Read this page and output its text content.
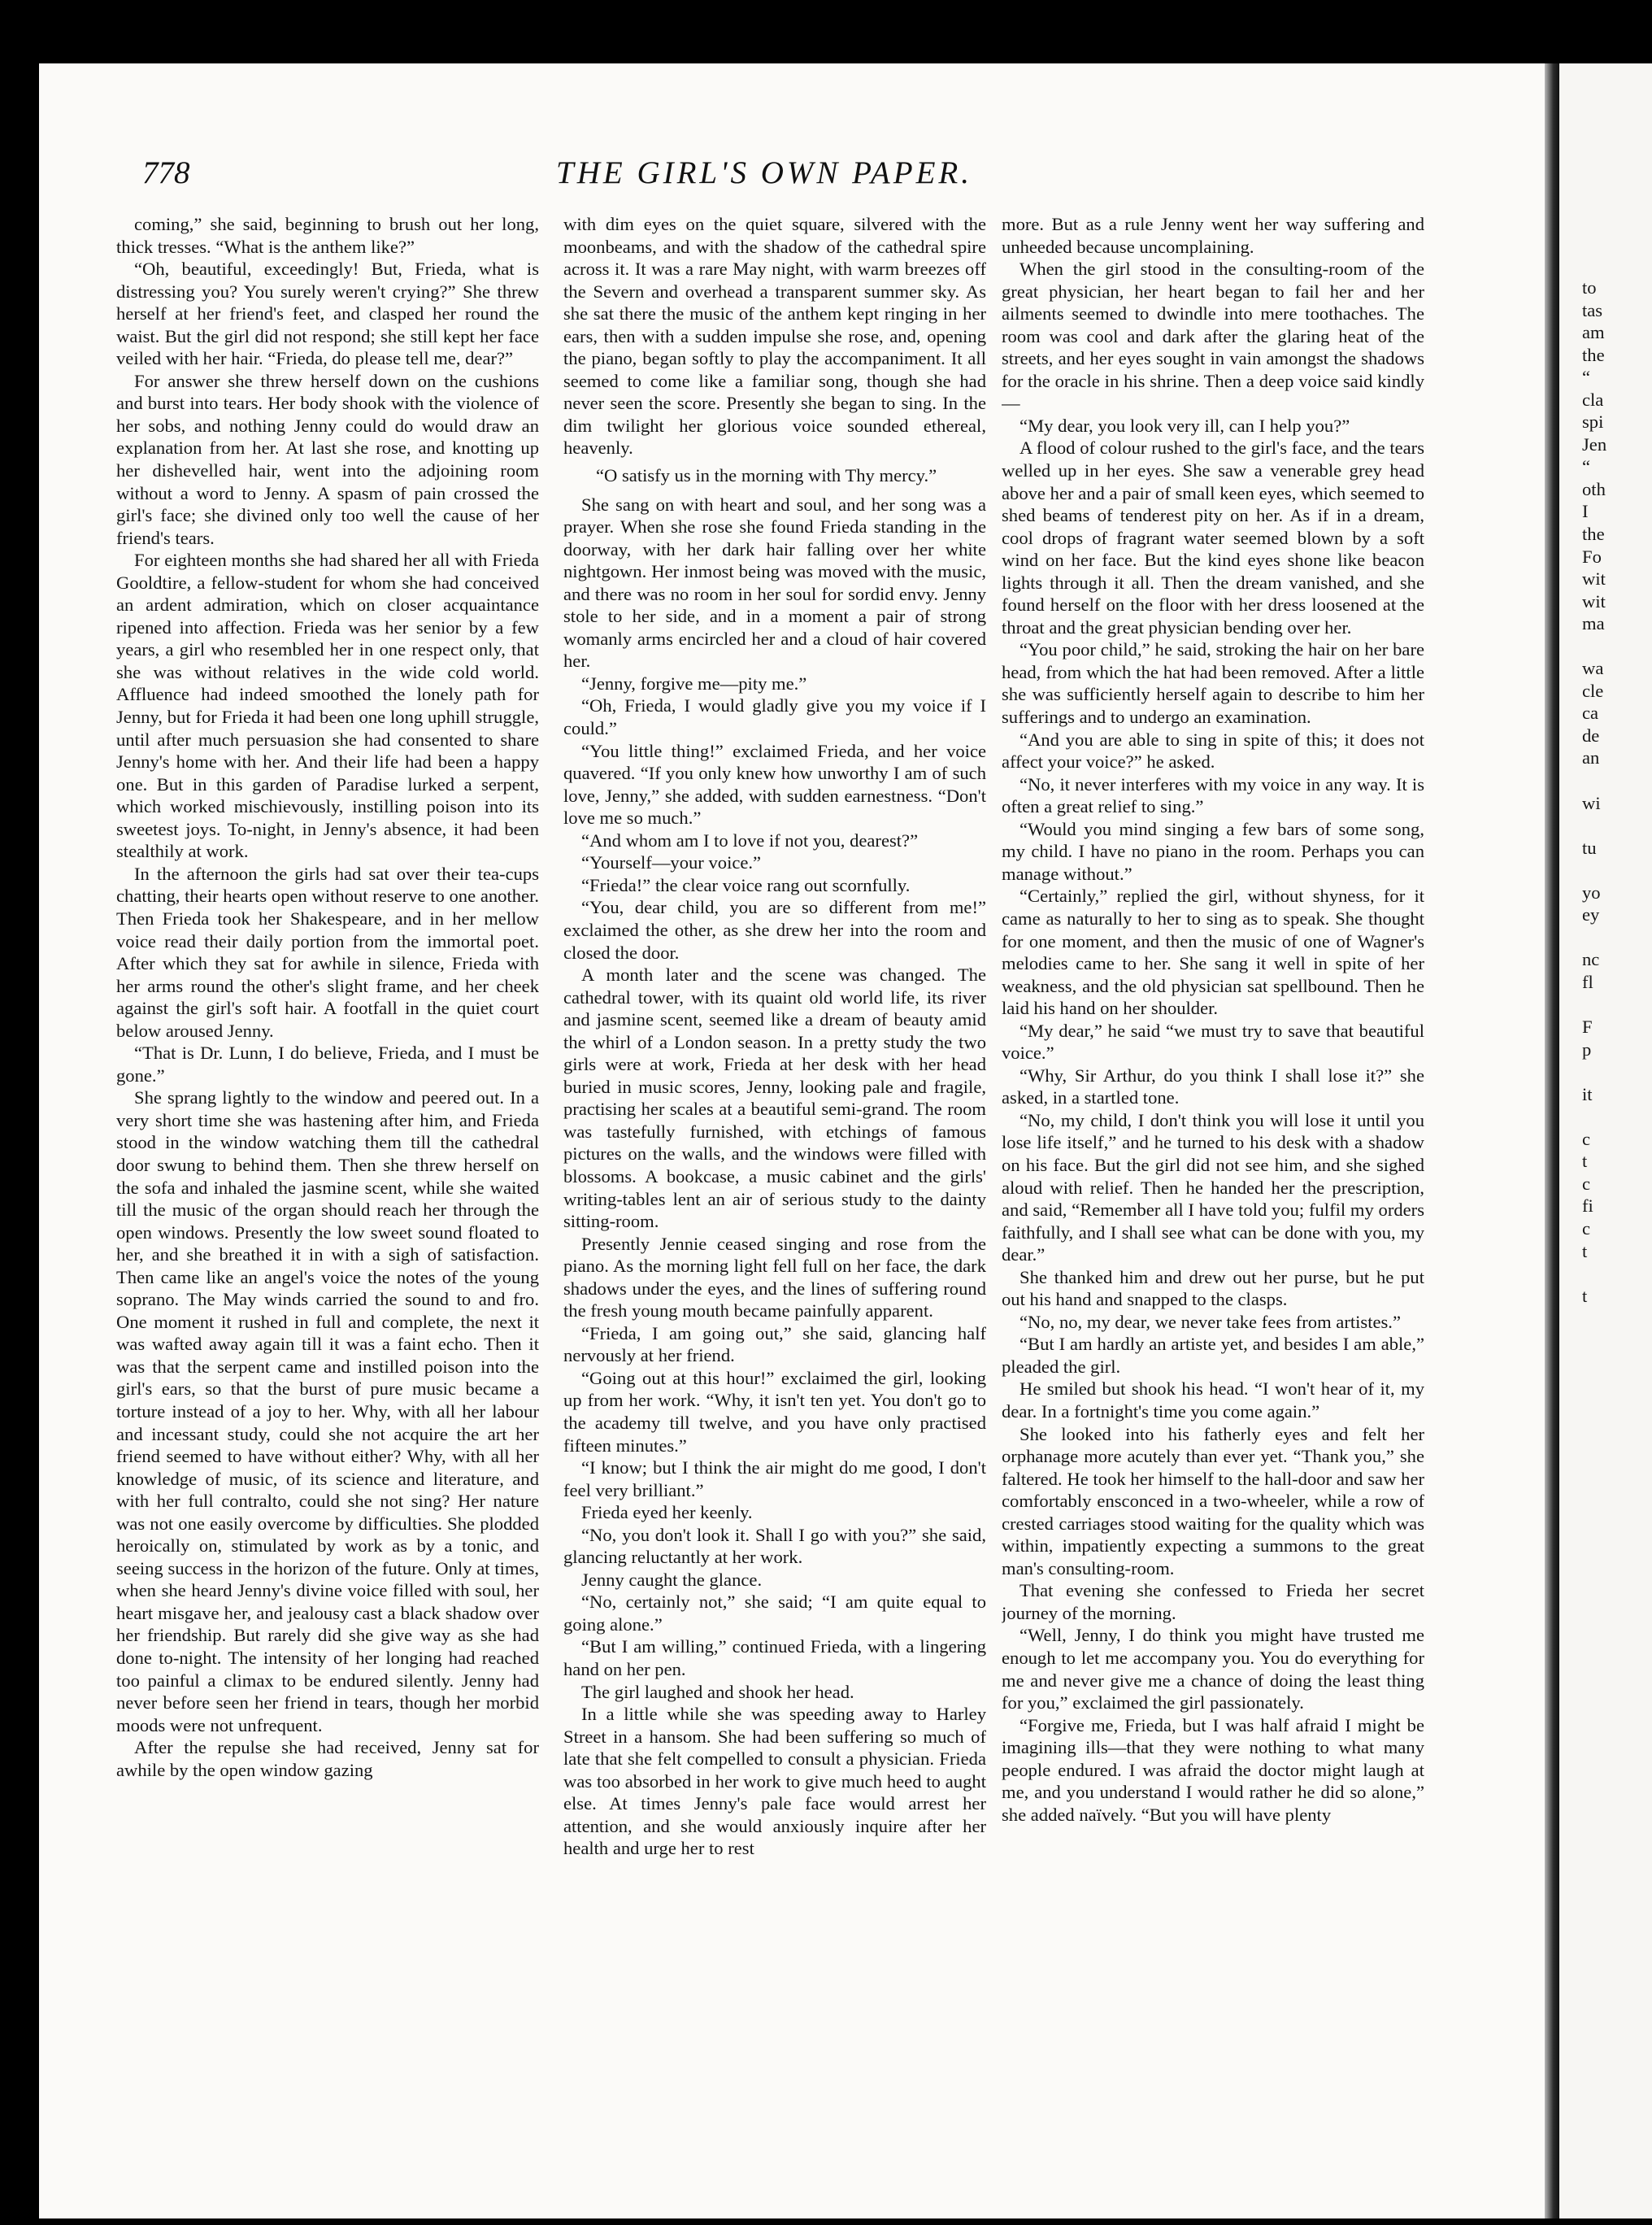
to
tas
am
the
“
cla
spi
Jen
“
oth
I
the
Fo
wit
wit
ma
wa
cle
ca
de
an
wi
tu
yo
ey
nc
fl
F
p
it
c
t
c
fi
c
t
t
778	THE GIRL'S OWN PAPER.

coming,” she said, beginning to brush out her long, thick tresses. “What is the anthem like?”

“Oh, beautiful, exceedingly! But, Frieda, what is distressing you? You surely weren't crying?” She threw herself at her friend's feet, and clasped her round the waist. But the girl did not respond; she still kept her face veiled with her hair. “Frieda, do please tell me, dear?”

For answer she threw herself down on the cushions and burst into tears. Her body shook with the violence of her sobs, and nothing Jenny could do would draw an explanation from her. At last she rose, and knotting up her dishevelled hair, went into the adjoining room without a word to Jenny. A spasm of pain crossed the girl's face; she divined only too well the cause of her friend's tears.

For eighteen months she had shared her all with Frieda Gooldtire, a fellow-student for whom she had conceived an ardent admiration, which on closer acquaintance ripened into affection. Frieda was her senior by a few years, a girl who resembled her in one respect only, that she was without relatives in the wide cold world. Affluence had indeed smoothed the lonely path for Jenny, but for Frieda it had been one long uphill struggle, until after much persuasion she had consented to share Jenny's home with her. And their life had been a happy one. But in this garden of Paradise lurked a serpent, which worked mischievously, instilling poison into its sweetest joys. To-night, in Jenny's absence, it had been stealthily at work.

In the afternoon the girls had sat over their tea-cups chatting, their hearts open without reserve to one another. Then Frieda took her Shakespeare, and in her mellow voice read their daily portion from the immortal poet. After which they sat for awhile in silence, Frieda with her arms round the other's slight frame, and her cheek against the girl's soft hair. A footfall in the quiet court below aroused Jenny.

“That is Dr. Lunn, I do believe, Frieda, and I must be gone.”

She sprang lightly to the window and peered out. In a very short time she was hastening after him, and Frieda stood in the window watching them till the cathedral door swung to behind them. Then she threw herself on the sofa and inhaled the jasmine scent, while she waited till the music of the organ should reach her through the open windows. Presently the low sweet sound floated to her, and she breathed it in with a sigh of satisfaction. Then came like an angel's voice the notes of the young soprano. The May winds carried the sound to and fro. One moment it rushed in full and complete, the next it was wafted away again till it was a faint echo. Then it was that the serpent came and instilled poison into the girl's ears, so that the burst of pure music became a torture instead of a joy to her. Why, with all her labour and incessant study, could she not acquire the art her friend seemed to have without either? Why, with all her knowledge of music, of its science and literature, and with her full contralto, could she not sing? Her nature was not one easily overcome by difficulties. She plodded heroically on, stimulated by work as by a tonic, and seeing success in the horizon of the future. Only at times, when she heard Jenny's divine voice filled with soul, her heart misgave her, and jealousy cast a black shadow over her friendship. But rarely did she give way as she had done to-night. The intensity of her longing had reached too painful a climax to be endured silently. Jenny had never before seen her friend in tears, though her morbid moods were not unfrequent.

After the repulse she had received, Jenny sat for awhile by the open window gazing

with dim eyes on the quiet square, silvered with the moonbeams, and with the shadow of the cathedral spire across it. It was a rare May night, with warm breezes off the Severn and overhead a transparent summer sky. As she sat there the music of the anthem kept ringing in her ears, then with a sudden impulse she rose, and, opening the piano, began softly to play the accompaniment. It all seemed to come like a familiar song, though she had never seen the score. Presently she began to sing. In the dim twilight her glorious voice sounded ethereal, heavenly.

“O satisfy us in the morning with Thy mercy.”

She sang on with heart and soul, and her song was a prayer. When she rose she found Frieda standing in the doorway, with her dark hair falling over her white nightgown. Her inmost being was moved with the music, and there was no room in her soul for sordid envy. Jenny stole to her side, and in a moment a pair of strong womanly arms encircled her and a cloud of hair covered her.

“Jenny, forgive me—pity me.”

“Oh, Frieda, I would gladly give you my voice if I could.”

“You little thing!” exclaimed Frieda, and her voice quavered. “If you only knew how unworthy I am of such love, Jenny,” she added, with sudden earnestness. “Don't love me so much.”

“And whom am I to love if not you, dearest?”

“Yourself—your voice.”

“Frieda!” the clear voice rang out scornfully.

“You, dear child, you are so different from me!” exclaimed the other, as she drew her into the room and closed the door.

A month later and the scene was changed. The cathedral tower, with its quaint old world life, its river and jasmine scent, seemed like a dream of beauty amid the whirl of a London season. In a pretty study the two girls were at work, Frieda at her desk with her head buried in music scores, Jenny, looking pale and fragile, practising her scales at a beautiful semi-grand. The room was tastefully furnished, with etchings of famous pictures on the walls, and the windows were filled with blossoms. A bookcase, a music cabinet and the girls' writing-tables lent an air of serious study to the dainty sitting-room.

Presently Jennie ceased singing and rose from the piano. As the morning light fell full on her face, the dark shadows under the eyes, and the lines of suffering round the fresh young mouth became painfully apparent.

“Frieda, I am going out,” she said, glancing half nervously at her friend.

“Going out at this hour!” exclaimed the girl, looking up from her work. “Why, it isn't ten yet. You don't go to the academy till twelve, and you have only practised fifteen minutes.”

“I know; but I think the air might do me good, I don't feel very brilliant.”

Frieda eyed her keenly.

“No, you don't look it. Shall I go with you?” she said, glancing reluctantly at her work.

Jenny caught the glance.

“No, certainly not,” she said; “I am quite equal to going alone.”

“But I am willing,” continued Frieda, with a lingering hand on her pen.

The girl laughed and shook her head.

In a little while she was speeding away to Harley Street in a hansom. She had been suffering so much of late that she felt compelled to consult a physician. Frieda was too absorbed in her work to give much heed to aught else. At times Jenny's pale face would arrest her attention, and she would anxiously inquire after her health and urge her to rest

more. But as a rule Jenny went her way suffering and unheeded because uncomplaining.

When the girl stood in the consulting-room of the great physician, her heart began to fail her and her ailments seemed to dwindle into mere toothaches. The room was cool and dark after the glaring heat of the streets, and her eyes sought in vain amongst the shadows for the oracle in his shrine. Then a deep voice said kindly—

“My dear, you look very ill, can I help you?”

A flood of colour rushed to the girl's face, and the tears welled up in her eyes. She saw a venerable grey head above her and a pair of small keen eyes, which seemed to shed beams of tenderest pity on her. As if in a dream, cool drops of fragrant water seemed blown by a soft wind on her face. But the kind eyes shone like beacon lights through it all. Then the dream vanished, and she found herself on the floor with her dress loosened at the throat and the great physician bending over her.

“You poor child,” he said, stroking the hair on her bare head, from which the hat had been removed. After a little she was sufficiently herself again to describe to him her sufferings and to undergo an examination.

“And you are able to sing in spite of this; it does not affect your voice?” he asked.

“No, it never interferes with my voice in any way. It is often a great relief to sing.”

“Would you mind singing a few bars of some song, my child. I have no piano in the room. Perhaps you can manage without.”

“Certainly,” replied the girl, without shyness, for it came as naturally to her to sing as to speak. She thought for one moment, and then the music of one of Wagner's melodies came to her. She sang it well in spite of her weakness, and the old physician sat spellbound. Then he laid his hand on her shoulder.

“My dear,” he said “we must try to save that beautiful voice.”

“Why, Sir Arthur, do you think I shall lose it?” she asked, in a startled tone.

“No, my child, I don't think you will lose it until you lose life itself,” and he turned to his desk with a shadow on his face. But the girl did not see him, and she sighed aloud with relief. Then he handed her the prescription, and said, “Remember all I have told you; fulfil my orders faithfully, and I shall see what can be done with you, my dear.”

She thanked him and drew out her purse, but he put out his hand and snapped to the clasps.

“No, no, my dear, we never take fees from artistes.”

“But I am hardly an artiste yet, and besides I am able,” pleaded the girl.

He smiled but shook his head. “I won't hear of it, my dear. In a fortnight's time you come again.”

She looked into his fatherly eyes and felt her orphanage more acutely than ever yet. “Thank you,” she faltered. He took her himself to the hall-door and saw her comfortably ensconced in a two-wheeler, while a row of crested carriages stood waiting for the quality which was within, impatiently expecting a summons to the great man's consulting-room.

That evening she confessed to Frieda her secret journey of the morning.

“Well, Jenny, I do think you might have trusted me enough to let me accompany you. You do everything for me and never give me a chance of doing the least thing for you,” exclaimed the girl passionately.

“Forgive me, Frieda, but I was half afraid I might be imagining ills—that they were nothing to what many people endured. I was afraid the doctor might laugh at me, and you understand I would rather he did so alone,” she added naïvely. “But you will have plenty
